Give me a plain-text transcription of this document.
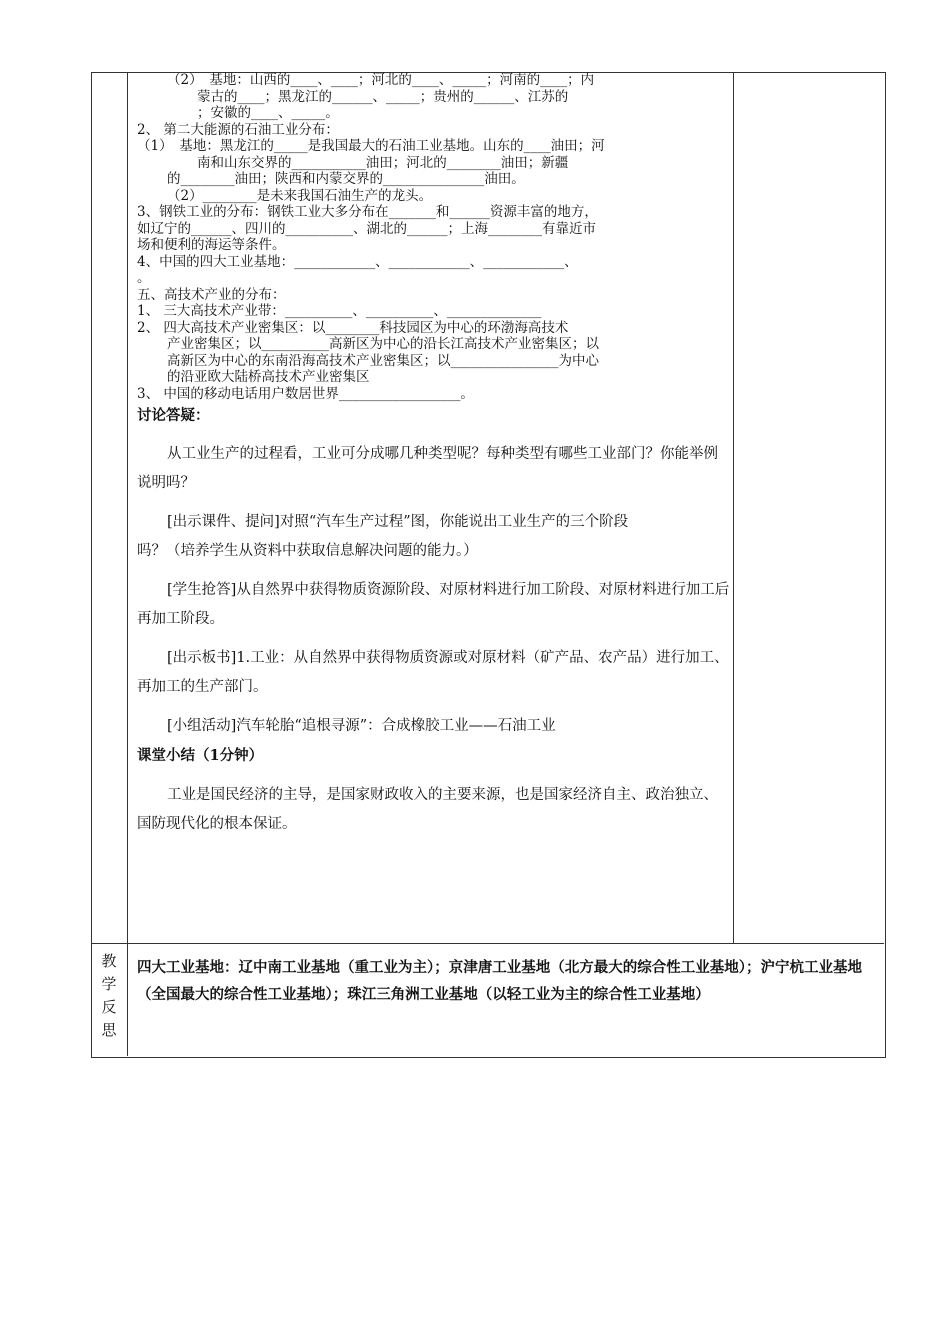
（2）　基地：山西的____、____；河北的____、_____；河南的____；内

蒙古的____；黑龙江的______、_____；贵州的______、江苏的

；安徽的____、_____。

2、 第二大能源的石油工业分布：

（1）　基地：黑龙江的_____是我国最大的石油工业基地。山东的____油田；河

南和山东交界的___________油田；河北的________油田；新疆

的________油田；陕西和内蒙交界的_______________油田。

（2）________是未来我国石油生产的龙头。

3、钢铁工业的分布：钢铁工业大多分布在_______和______资源丰富的地方，

如辽宁的______、四川的__________、湖北的______；上海________有靠近市

场和便利的海运等条件。

4、中国的四大工业基地：____________、____________、____________、

。

五、高技术产业的分布：

1、 三大高技术产业带：__________、__________、______________

2、 四大高技术产业密集区：以________科技园区为中心的环渤海高技术

产业密集区；以__________高新区为中心的沿长江高技术产业密集区；以

高新区为中心的东南沿海高技术产业密集区；以________________为中心

的沿亚欧大陆桥高技术产业密集区

3、 中国的移动电话用户数居世界__________________。

讨论答疑：

从工业生产的过程看，工业可分成哪几种类型呢？每种类型有哪些工业部门？你能举例说明吗？

[出示课件、提问]对照“汽车生产过程”图，你能说出工业生产的三个阶段

吗？（培养学生从资料中获取信息解决问题的能力。）

[学生抢答]从自然界中获得物质资源阶段、对原材料进行加工阶段、对原材料进行加工后再加工阶段。

[出示板书]1.工业：从自然界中获得物质资源或对原材料（矿产品、农产品）进行加工、再加工的生产部门。

[小组活动]汽车轮胎“追根寻源”：合成橡胶工业——石油工业

课堂小结（1分钟）

工业是国民经济的主导，是国家财政收入的主要来源，也是国家经济自主、政治独立、国防现代化的根本保证。

教
学
反
思
四大工业基地：辽中南工业基地（重工业为主）；京津唐工业基地（北方最大的综合性工业基地）；沪宁杭工业基地（全国最大的综合性工业基地）；珠江三角洲工业基地（以轻工业为主的综合性工业基地）
